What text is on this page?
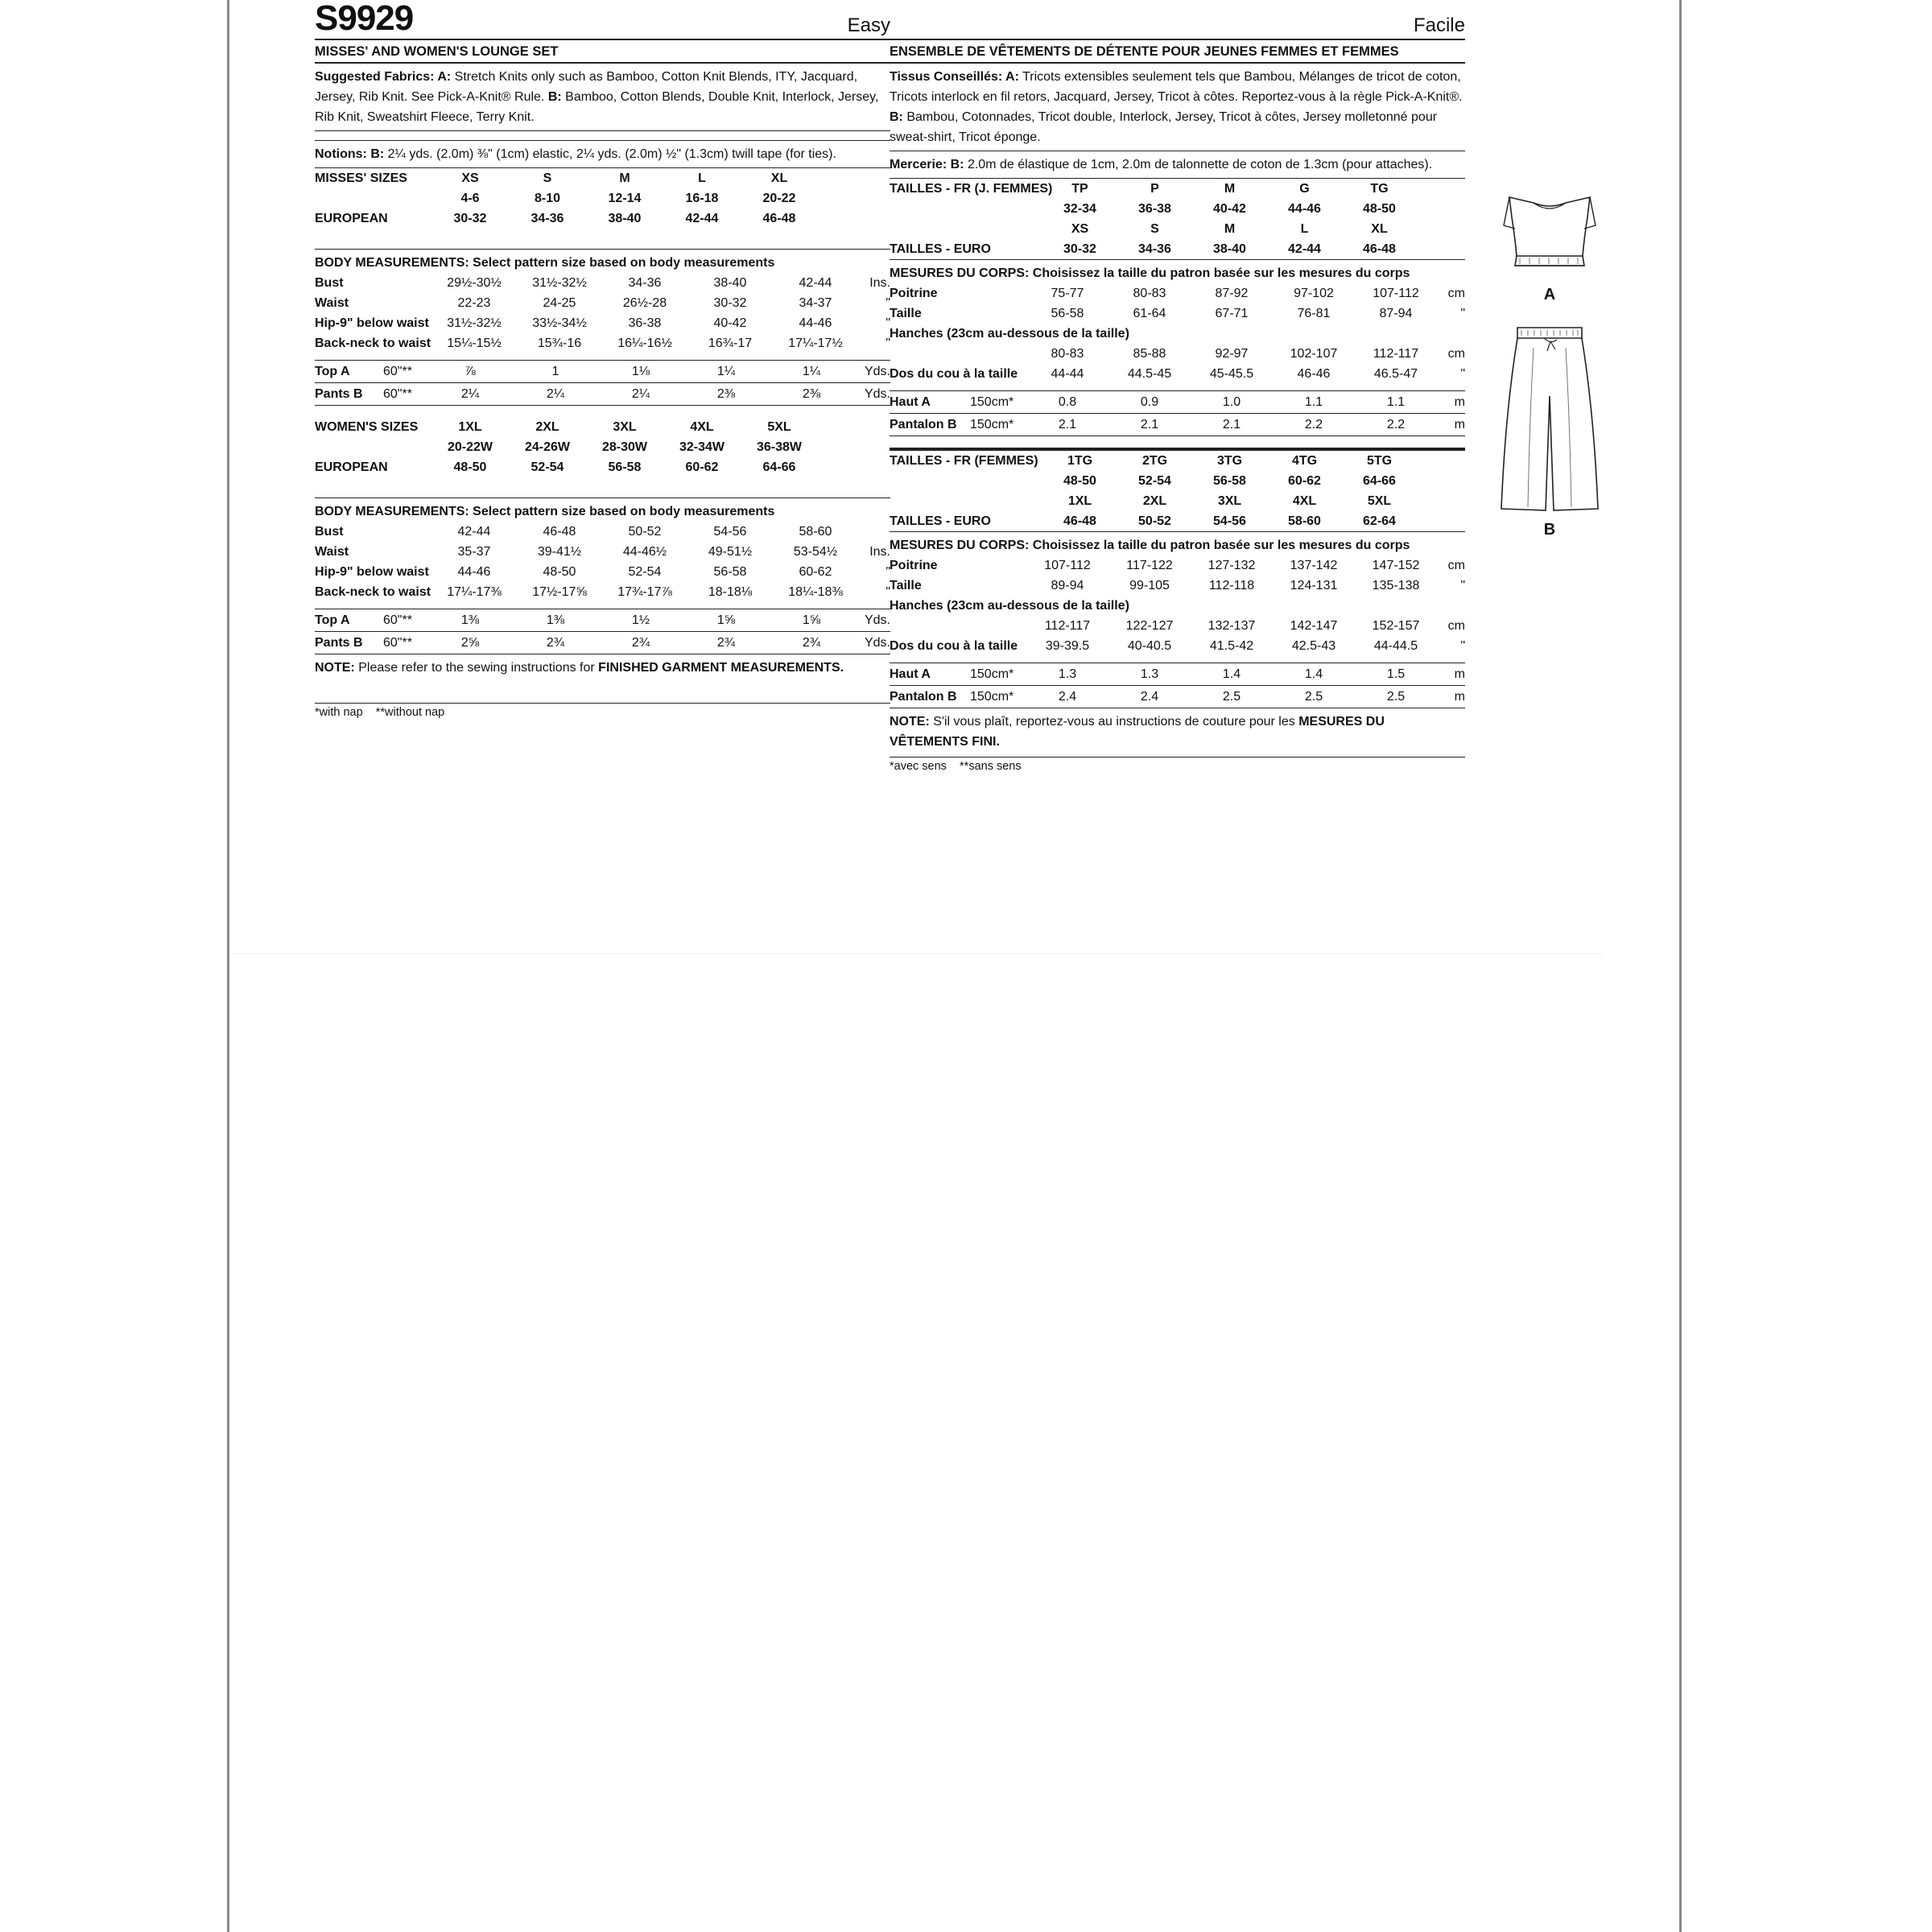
S9929	Easy
MISSES' AND WOMEN'S LOUNGE SET
Suggested Fabrics: A: Stretch Knits only such as Bamboo, Cotton Knit Blends, ITY, Jacquard, Jersey, Rib Knit. See Pick-A-Knit® Rule. B: Bamboo, Cotton Blends, Double Knit, Interlock, Jersey, Rib Knit, Sweatshirt Fleece, Terry Knit.
Notions: B: 2¼ yds. (2.0m) ⅜" (1cm) elastic, 2¼ yds. (2.0m) ½" (1.3cm) twill tape (for ties).
MISSES' SIZES		XS	S	M	L	XL	
		4-6	8-10	12-14	16-18	20-22	
EUROPEAN		30-32	34-36	38-40	42-44	46-48	

BODY MEASUREMENTS: Select pattern size based on body measurements
Bust	29½-30½	31½-32½	34-36	38-40	42-44	Ins.
Waist	22-23	24-25	26½-28	30-32	34-37	"
Hip-9" below waist	31½-32½	33½-34½	36-38	40-42	44-46	"
Back-neck to waist	15¼-15½	15¾-16	16¼-16½	16¾-17	17¼-17½	"
Top A	60"**	⅞	1	1⅛	1¼	1¼	Yds.
Pants B	60"**	2¼	2¼	2¼	2⅜	2⅜	Yds.
WOMEN'S SIZES		1XL	2XL	3XL	4XL	5XL	
		20-22W	24-26W	28-30W	32-34W	36-38W	
EUROPEAN		48-50	52-54	56-58	60-62	64-66	

BODY MEASUREMENTS: Select pattern size based on body measurements
Bust	42-44	46-48	50-52	54-56	58-60	
Waist	35-37	39-41½	44-46½	49-51½	53-54½	Ins.
Hip-9" below waist	44-46	48-50	52-54	56-58	60-62	"
Back-neck to waist	17¼-17⅜	17½-17⅝	17¾-17⅞	18-18⅛	18¼-18⅜	"
Top A	60"**	1⅜	1⅜	1½	1⅝	1⅝	Yds.
Pants B	60"**	2⅝	2¾	2¾	2¾	2¾	Yds.
NOTE: Please refer to the sewing instructions for FINISHED GARMENT MEASUREMENTS.

*with nap    **without nap
Facile
ENSEMBLE DE VÊTEMENTS DE DÉTENTE POUR JEUNES FEMMES ET FEMMES
Tissus Conseillés: A: Tricots extensibles seulement tels que Bambou, Mélanges de tricot de coton, Tricots interlock en fil retors, Jacquard, Jersey, Tricot à côtes. Reportez-vous à la règle Pick-A-Knit®. B: Bambou, Cotonnades, Tricot double, Interlock, Jersey, Tricot à côtes, Jersey molletonné pour sweat-shirt, Tricot éponge.
Mercerie: B: 2.0m de élastique de 1cm, 2.0m de talonnette de coton de 1.3cm (pour attaches).
TAILLES - FR (J. FEMMES)	TP	P	M	G	TG	
	32-34	36-38	40-42	44-46	48-50	
	XS	S	M	L	XL	
TAILLES - EURO	30-32	34-36	38-40	42-44	46-48	
MESURES DU CORPS: Choisissez la taille du patron basée sur les mesures du corps
Poitrine	75-77	80-83	87-92	97-102	107-112	cm
Taille	56-58	61-64	67-71	76-81	87-94	"
Hanches (23cm au-dessous de la taille)						
	80-83	85-88	92-97	102-107	112-117	cm
Dos du cou à la taille	44-44	44.5-45	45-45.5	46-46	46.5-47	"
Haut A	150cm*	0.8	0.9	1.0	1.1	1.1	m
Pantalon B	150cm*	2.1	2.1	2.1	2.2	2.2	m
TAILLES - FR (FEMMES)	1TG	2TG	3TG	4TG	5TG	
	48-50	52-54	56-58	60-62	64-66	
	1XL	2XL	3XL	4XL	5XL	
TAILLES - EURO	46-48	50-52	54-56	58-60	62-64	
MESURES DU CORPS: Choisissez la taille du patron basée sur les mesures du corps
Poitrine	107-112	117-122	127-132	137-142	147-152	cm
Taille	89-94	99-105	112-118	124-131	135-138	"
Hanches (23cm au-dessous de la taille)						
	112-117	122-127	132-137	142-147	152-157	cm
Dos du cou à la taille	39-39.5	40-40.5	41.5-42	42.5-43	44-44.5	"
Haut A	150cm*	1.3	1.3	1.4	1.4	1.5	m
Pantalon B	150cm*	2.4	2.4	2.5	2.5	2.5	m
NOTE: S'il vous plaît, reportez-vous au instructions de couture pour les MESURES DU VÊTEMENTS FINI.
*avec sens    **sans sens
A
B
